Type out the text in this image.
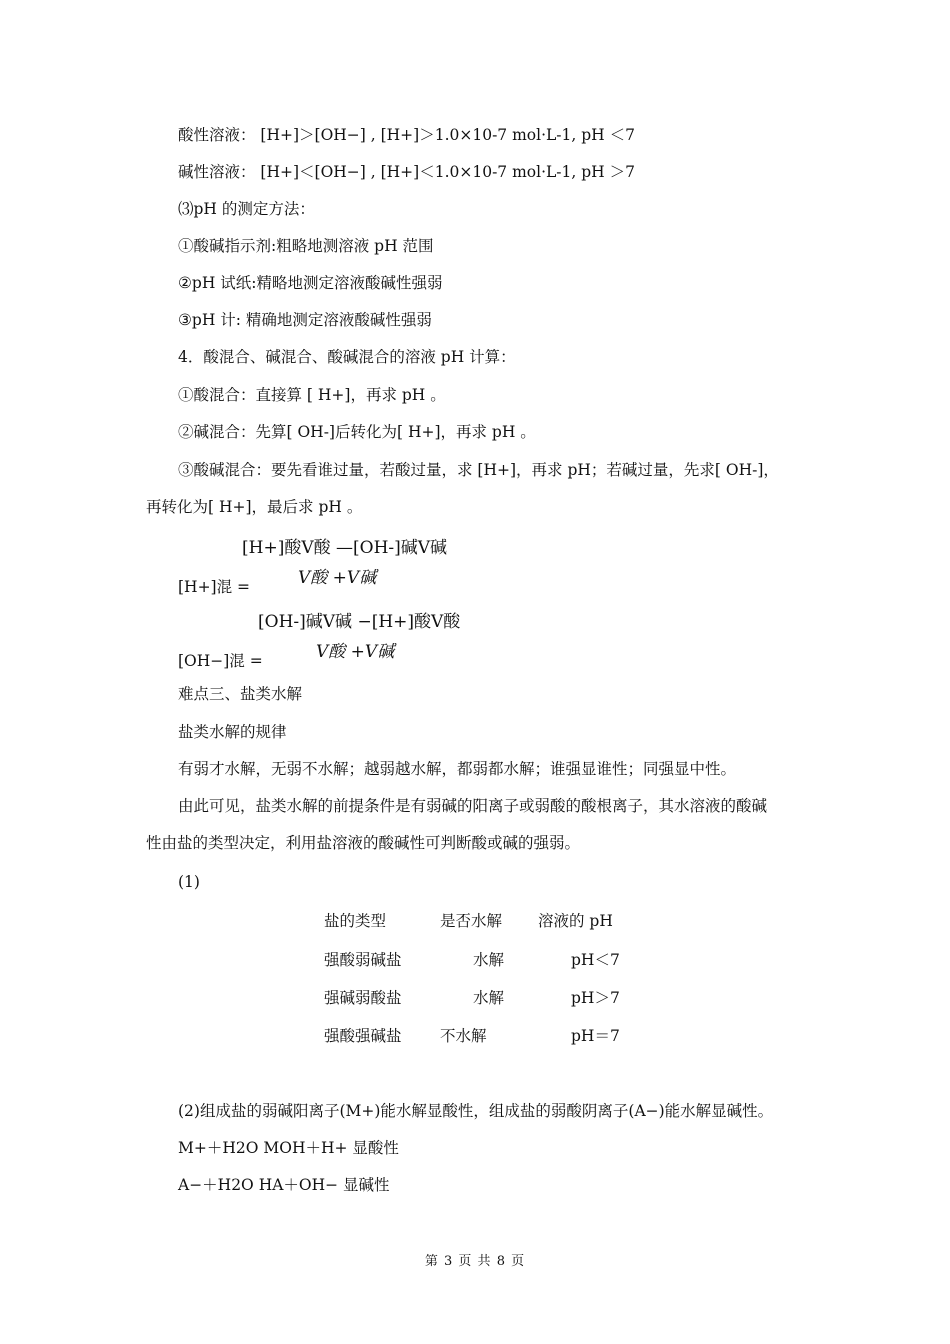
酸性溶液： [H+]＞[OH−] , [H+]＞1.0×10-7 mol·L-1, pH ＜7
碱性溶液： [H+]＜[OH−] , [H+]＜1.0×10-7 mol·L-1, pH ＞7
⑶pH 的测定方法：
①酸碱指示剂:粗略地测溶液 pH 范围
②pH 试纸:精略地测定溶液酸碱性强弱
③pH 计: 精确地测定溶液酸碱性强弱
4．酸混合、碱混合、酸碱混合的溶液 pH 计算：
①酸混合：直接算 [ H+]，再求 pH 。
②碱混合：先算[ OH-]后转化为[ H+]，再求 pH 。
③酸碱混合：要先看谁过量，若酸过量，求 [H+]，再求 pH；若碱过量，先求[ OH-]，
再转化为[ H+]，最后求 pH 。
[H+]酸V酸 —[OH-]碱V碱
V酸 +V碱
[H+]混 =
[OH-]碱V碱 −[H+]酸V酸
V酸 +V碱
[OH−]混 =
难点三、盐类水解
盐类水解的规律
有弱才水解，无弱不水解；越弱越水解，都弱都水解；谁强显谁性；同强显中性。
由此可见，盐类水解的前提条件是有弱碱的阳离子或弱酸的酸根离子，其水溶液的酸碱
性由盐的类型决定，利用盐溶液的酸碱性可判断酸或碱的强弱。
(1)
盐的类型	是否水解 溶液的 pH
强酸弱碱盐	水解	pH＜7
强碱弱酸盐	水解	pH＞7
强酸强碱盐 不水解	pH＝7
(2)组成盐的弱碱阳离子(M+)能水解显酸性，组成盐的弱酸阴离子(A−)能水解显碱性。
M+＋H2O MOH＋H+ 显酸性
A−＋H2O HA＋OH− 显碱性
第 3 页 共 8 页
